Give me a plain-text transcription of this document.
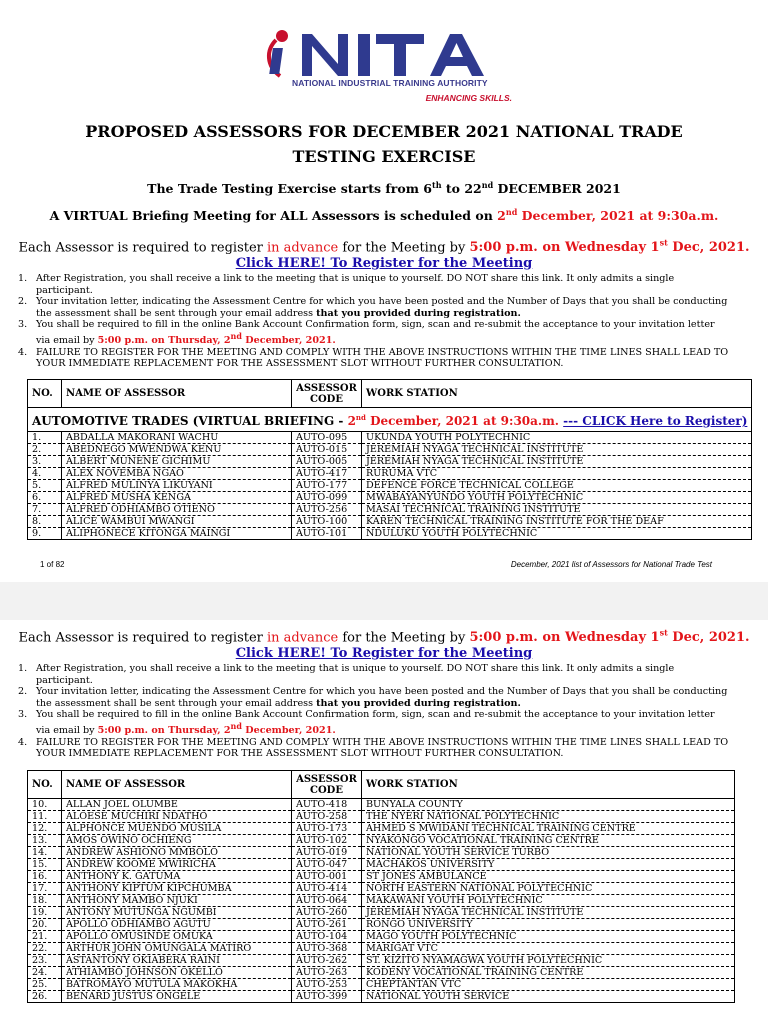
NATIONAL INDUSTRIAL TRAINING AUTHORITY
ENHANCING SKILLS.
PROPOSED ASSESSORS FOR DECEMBER 2021 NATIONAL TRADE
TESTING EXERCISE
The Trade Testing Exercise starts from 6th to 22nd DECEMBER 2021
A VIRTUAL Briefing Meeting for ALL Assessors is scheduled on 2nd December, 2021 at 9:30a.m.
Each Assessor is required to register in advance for the Meeting by 5:00 p.m. on Wednesday 1st Dec, 2021.
Click HERE! To Register for the Meeting
1. After Registration, you shall receive a link to the meeting that is unique to yourself. DO NOT share this link. It only admits a single participant.
2. Your invitation letter, indicating the Assessment Centre for which you have been posted and the Number of Days that you shall be conducting the assessment shall be sent through your email address that you provided during registration.
3. You shall be required to fill in the online Bank Account Confirmation form, sign, scan and re-submit the acceptance to your invitation letter via email by 5:00 p.m. on Thursday, 2nd December, 2021.
4. FAILURE TO REGISTER FOR THE MEETING AND COMPLY WITH THE ABOVE INSTRUCTIONS WITHIN THE TIME LINES SHALL LEAD TO YOUR IMMEDIATE REPLACEMENT FOR THE ASSESSMENT SLOT WITHOUT FURTHER CONSULTATION.
NO.	NAME OF ASSESSOR	ASSESSOR
CODE	WORK STATION
AUTOMOTIVE TRADES (VIRTUAL BRIEFING - 2nd December, 2021 at 9:30a.m. --- CLICK Here to Register)			
1.	ABDALLA MAKORANI WACHU	AUTO-095	UKUNDA YOUTH POLYTECHNIC
2.	ABEDNEGO MWENDWA KENU	AUTO-015	JEREMIAH NYAGA TECHNICAL INSTITUTE
3.	ALBERT MUNENE GICHIMU	AUTO-005	JEREMIAH NYAGA TECHNICAL INSTITUTE
4.	ALEX NOVEMBA NGAO	AUTO-417	RURUMA VTC
5.	ALFRED MULINYA LIKUYANI	AUTO-177	DEFENCE FORCE TECHNICAL COLLEGE
6.	ALFRED MUSHA KENGA	AUTO-099	MWABAYANYUNDO YOUTH POLYTECHNIC
7.	ALFRED ODHIAMBO OTIENO	AUTO-256	MASAI TECHNICAL TRAINING INSTITUTE
8.	ALICE WAMBUI MWANGI	AUTO-100	KAREN TECHNICAL TRAINING INSTITUTE FOR THE DEAF
9.	ALIPHONECE KITONGA MAINGI	AUTO-101	NDULUKU YOUTH POLYTECHNIC
1 of 82	December, 2021 list of Assessors for National Trade Test
Each Assessor is required to register in advance for the Meeting by 5:00 p.m. on Wednesday 1st Dec, 2021.
Click HERE! To Register for the Meeting
1. After Registration, you shall receive a link to the meeting that is unique to yourself. DO NOT share this link. It only admits a single participant.
2. Your invitation letter, indicating the Assessment Centre for which you have been posted and the Number of Days that you shall be conducting the assessment shall be sent through your email address that you provided during registration.
3. You shall be required to fill in the online Bank Account Confirmation form, sign, scan and re-submit the acceptance to your invitation letter via email by 5:00 p.m. on Thursday, 2nd December, 2021.
4. FAILURE TO REGISTER FOR THE MEETING AND COMPLY WITH THE ABOVE INSTRUCTIONS WITHIN THE TIME LINES SHALL LEAD TO YOUR IMMEDIATE REPLACEMENT FOR THE ASSESSMENT SLOT WITHOUT FURTHER CONSULTATION.
NO.	NAME OF ASSESSOR	ASSESSOR
CODE	WORK STATION
10.	ALLAN JOEL OLUMBE	AUTO-418	BUNYALA COUNTY
11.	ALOESE MUCHIRI NDATHO	AUTO-258	THE NYERI NATIONAL POLYTECHNIC
12.	ALPHONCE MUENDO MUSILA	AUTO-173	AHMED S MWIDANI TECHNICAL TRAINING CENTRE
13.	AMOS OWINO OCHIENG	AUTO-102	NYAKONGO VOCATIONAL TRAINING CENTRE
14.	ANDREW ASHIONO MMBOLO	AUTO-019	NATIONAL YOUTH SERVICE TURBO
15.	ANDREW KOOME MWIRICHA	AUTO-047	MACHAKOS UNIVERSITY
16.	ANTHONY K. GATUMA	AUTO-001	ST JONES AMBULANCE
17.	ANTHONY KIPTUM KIPCHUMBA	AUTO-414	NORTH EASTERN NATIONAL POLYTECHNIC
18.	ANTHONY MAMBO NJUKI	AUTO-064	MAKAWANI YOUTH POLYTECHNIC
19.	ANTONY MUTUNGA NGUMBI	AUTO-260	JEREMIAH NYAGA TECHNICAL INSTITUTE
20.	APOLLO ODHIAMBO AGUTU	AUTO-261	RONGO UNIVERSITY
21.	APOLLO OMUSINDE OMUKA	AUTO-104	MAGO YOUTH POLYTECHNIC
22.	ARTHUR JOHN OMUNGALA MATIRO	AUTO-368	MARIGAT VTC
23.	ASTANTONY OKIABERA RAINI	AUTO-262	ST. KIZITO NYAMAGWA YOUTH POLYTECHNIC
24.	ATHIAMBO JOHNSON OKELLO	AUTO-263	KODENY VOCATIONAL TRAINING CENTRE
25.	BATROMAYO MUTULA MAKOKHA	AUTO-253	CHEPTANTAN VTC
26.	BENARD JUSTUS ONGELE	AUTO-399	NATIONAL YOUTH SERVICE
